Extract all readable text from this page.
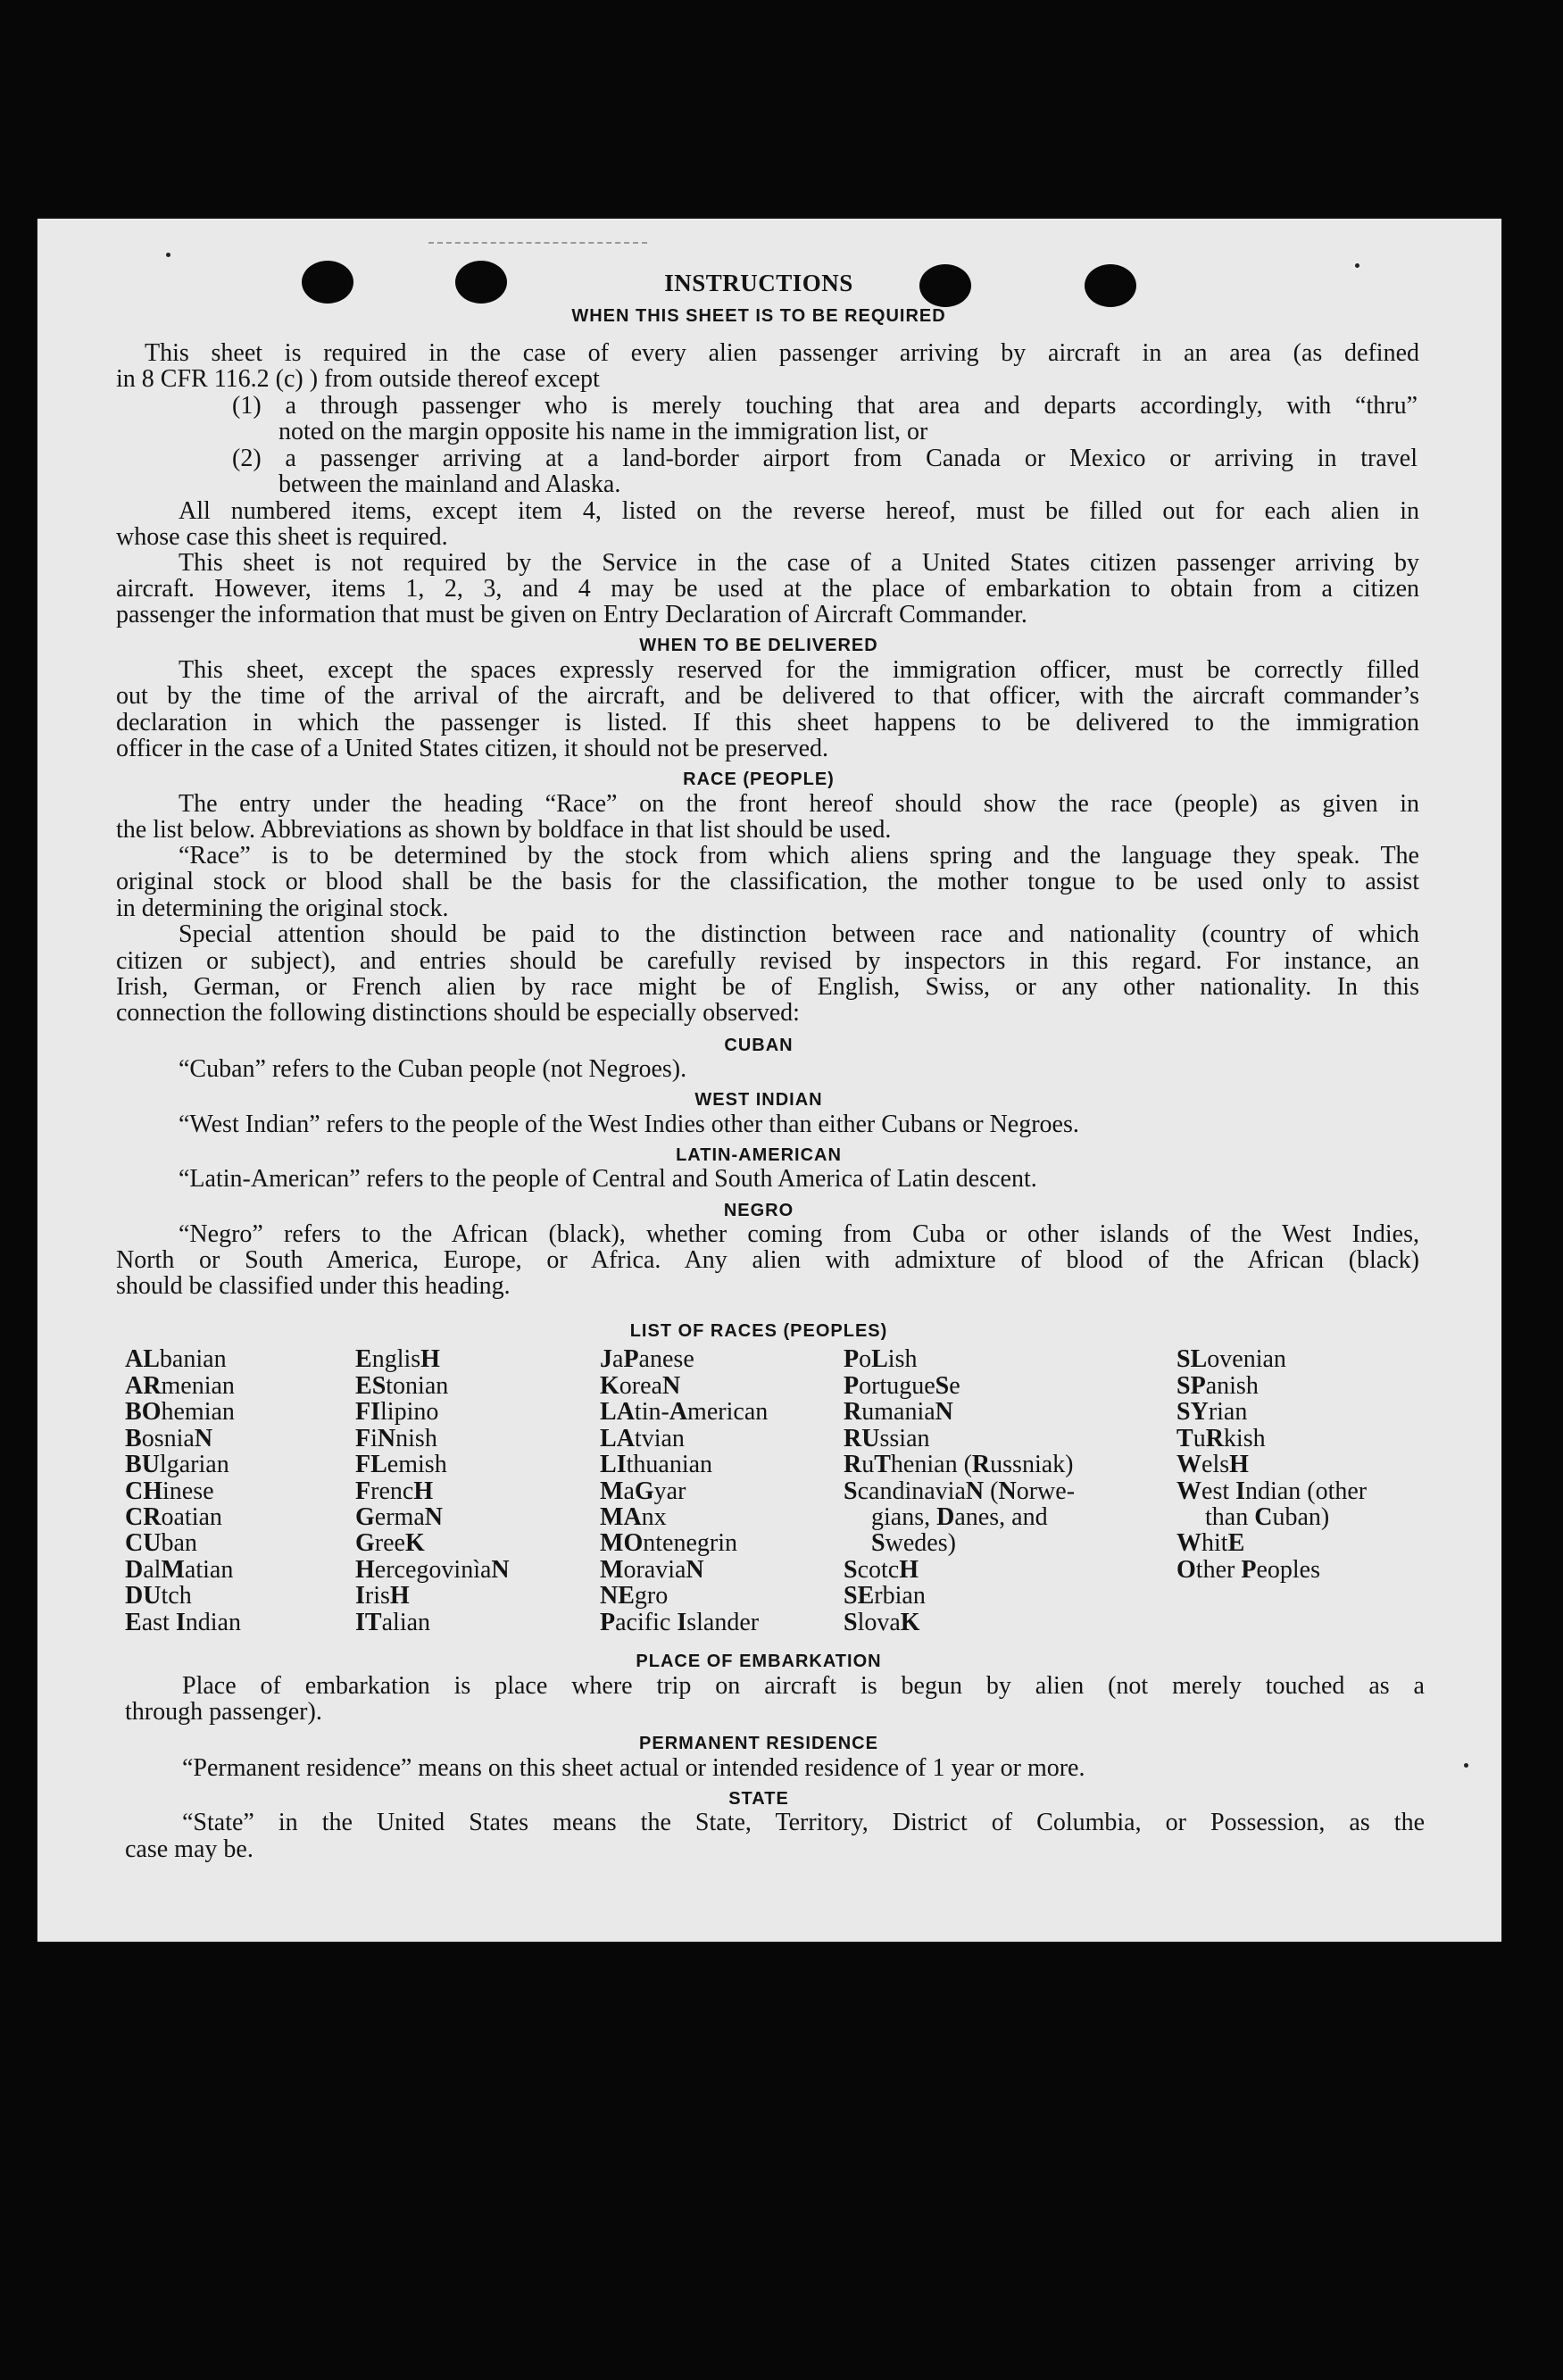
INSTRUCTIONS
WHEN THIS SHEET IS TO BE REQUIRED
This sheet is required in the case of every alien passenger arriving by aircraft in an area (as defined
in 8 CFR 116.2 (c) ) from outside thereof except
(1) a through passenger who is merely touching that area and departs accordingly, with “thru”
noted on the margin opposite his name in the immigration list, or
(2) a passenger arriving at a land-border airport from Canada or Mexico or arriving in travel
between the mainland and Alaska.
All numbered items, except item 4, listed on the reverse hereof, must be filled out for each alien in
whose case this sheet is required.
This sheet is not required by the Service in the case of a United States citizen passenger arriving by
aircraft. However, items 1, 2, 3, and 4 may be used at the place of embarkation to obtain from a citizen
passenger the information that must be given on Entry Declaration of Aircraft Commander.
WHEN TO BE DELIVERED
This sheet, except the spaces expressly reserved for the immigration officer, must be correctly filled
out by the time of the arrival of the aircraft, and be delivered to that officer, with the aircraft commander’s
declaration in which the passenger is listed. If this sheet happens to be delivered to the immigration
officer in the case of a United States citizen, it should not be preserved.
RACE (PEOPLE)
The entry under the heading “Race” on the front hereof should show the race (people) as given in
the list below. Abbreviations as shown by boldface in that list should be used.
“Race” is to be determined by the stock from which aliens spring and the language they speak. The
original stock or blood shall be the basis for the classification, the mother tongue to be used only to assist
in determining the original stock.
Special attention should be paid to the distinction between race and nationality (country of which
citizen or subject), and entries should be carefully revised by inspectors in this regard. For instance, an
Irish, German, or French alien by race might be of English, Swiss, or any other nationality. In this
connection the following distinctions should be especially observed:
CUBAN
“Cuban” refers to the Cuban people (not Negroes).
WEST INDIAN
“West Indian” refers to the people of the West Indies other than either Cubans or Negroes.
LATIN-AMERICAN
“Latin-American” refers to the people of Central and South America of Latin descent.
NEGRO
“Negro” refers to the African (black), whether coming from Cuba or other islands of the West Indies,
North or South America, Europe, or Africa. Any alien with admixture of blood of the African (black)
should be classified under this heading.
LIST OF RACES (PEOPLES)
ALbanian
ARmenian
BOhemian
BosniaN
BUlgarian
CHinese
CRoatian
CUban
DalMatian
DUtch
East Indian
EnglisH
EStonian
FIlipino
FiNnish
FLemish
FrencH
GermaN
GreeK
HercegovinìaN
IrisH
ITalian
JaPanese
KoreaN
LAtin-American
LAtvian
LIthuanian
MaGyar
MAnx
MOntenegrin
MoraviaN
NEgro
Pacific Islander
PoLish
PortugueSe
RumaniaN
RUssian
RuThenian (Russniak)
ScandinaviaN (Norwe-
gians, Danes, and
Swedes)
ScotcH
SErbian
SlovaK
SLovenian
SPanish
SYrian
TuRkish
WelsH
West Indian (other
than Cuban)
WhitE
Other Peoples
PLACE OF EMBARKATION
Place of embarkation is place where trip on aircraft is begun by alien (not merely touched as a
through passenger).
PERMANENT RESIDENCE
“Permanent residence” means on this sheet actual or intended residence of 1 year or more.
STATE
“State” in the United States means the State, Territory, District of Columbia, or Possession, as the
case may be.
